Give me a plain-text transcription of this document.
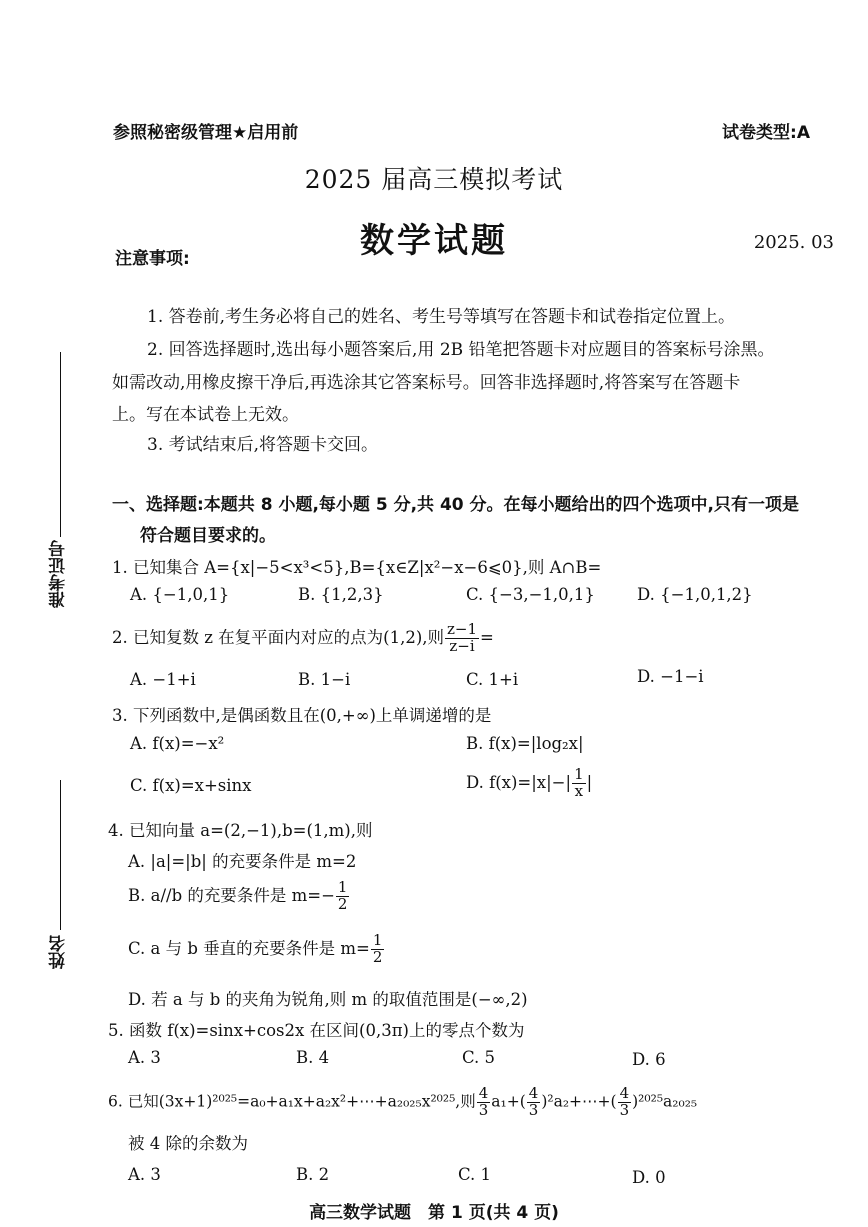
参照秘密级管理★启用前	试卷类型:A
2025 届高三模拟考试
数学试题	2025. 03
准考证号
姓名
注意事项:
1. 答卷前,考生务必将自己的姓名、考生号等填写在答题卡和试卷指定位置上。
2. 回答选择题时,选出每小题答案后,用 2B 铅笔把答题卡对应题目的答案标号涂黑。
如需改动,用橡皮擦干净后,再选涂其它答案标号。回答非选择题时,将答案写在答题卡
上。写在本试卷上无效。
3. 考试结束后,将答题卡交回。
一、选择题:本题共 8 小题,每小题 5 分,共 40 分。在每小题给出的四个选项中,只有一项是
符合题目要求的。
1. 已知集合 A={x|−5<x³<5},B={x∈Z|x²−x−6⩽0},则 A∩B=
A. {−1,0,1}	B. {1,2,3}	C. {−3,−1,0,1}	D. {−1,0,1,2}
2. 已知复数 z 在复平面内对应的点为(1,2),则 $\frac{z-1}{z-i}$ =
A. −1+i	B. 1−i	C. 1+i	D. −1−i
3. 下列函数中,是偶函数且在(0,+∞)上单调递增的是
A. f(x)=−x²	B. f(x)=|log₂x|
C. f(x)=x+sinx	D. $f(x)=|x|-| \frac{1}{x}$ |
4. 已知向量 a=(2,−1),b=(1,m),则
A. |a|=|b| 的充要条件是 m=2
B. a//b 的充要条件是 $m=- \frac{1}{2}$
C. a 与 b 垂直的充要条件是 $m= \frac{1}{2}$
D. 若 a 与 b 的夹角为锐角,则 m 的取值范围是(−∞,2)
5. 函数 f(x)=sinx+cos2x 在区间(0,3π)上的零点个数为
A. 3	B. 4	C. 5	D. 6
6. 已知(3x+1)²⁰²⁵=a₀+a₁x+a₂x²+⋯+a₂₀₂₅x²⁰²⁵,则 $\frac{4}{3} a_1+( \frac{4}{3}$ )²a₂+⋯+( $\frac{4}{3} )^{2025}a_{2025}$
被 4 除的余数为
A. 3	B. 2	C. 1	D. 0
高三数学试题　第 1 页(共 4 页)
